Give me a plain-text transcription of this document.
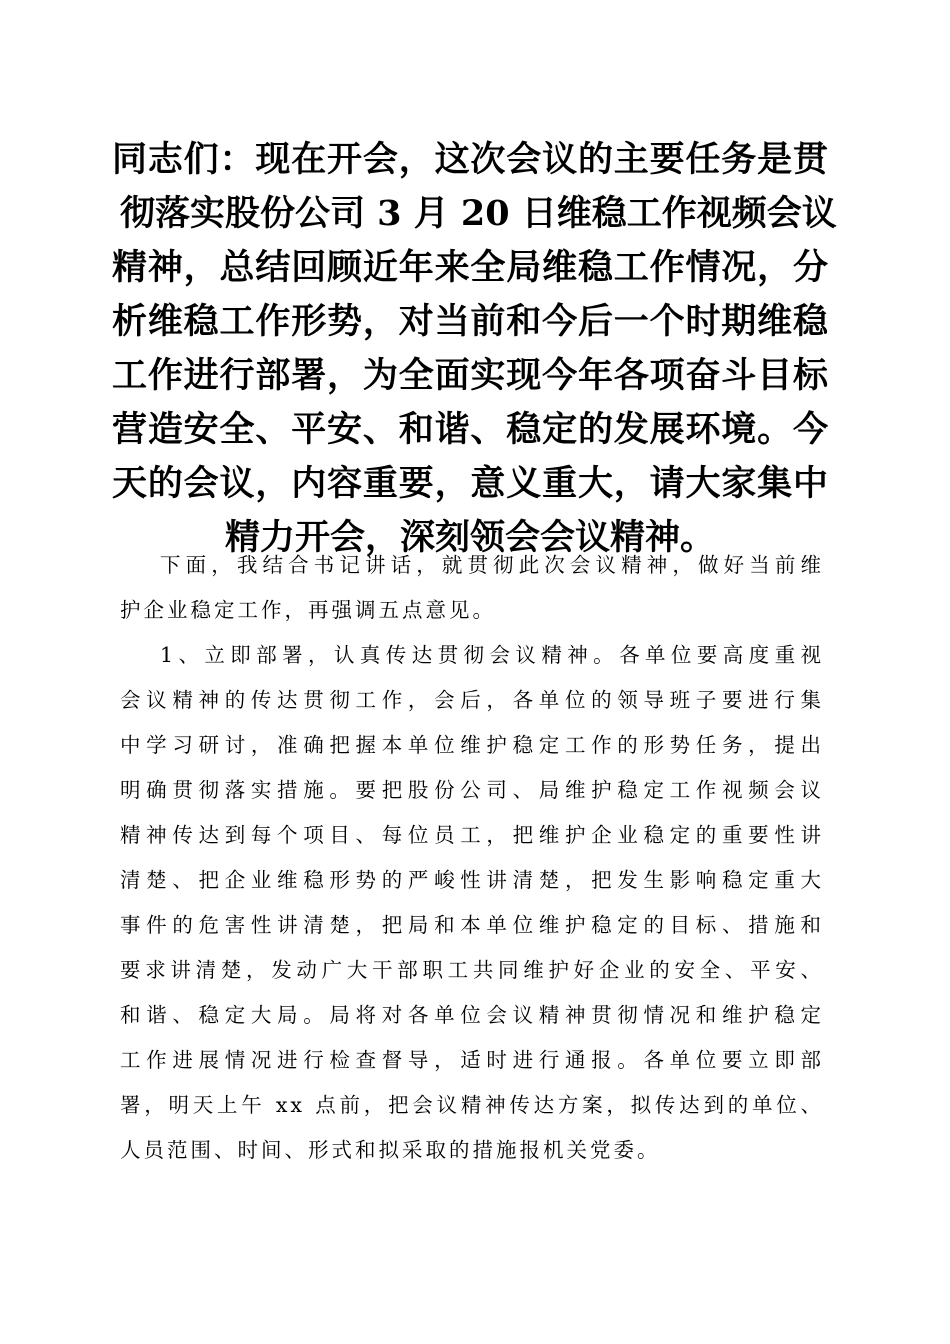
同志们：现在开会，这次会议的主要任务是贯
彻落实股份公司 3 月 20 日维稳工作视频会议
精神，总结回顾近年来全局维稳工作情况，分
析维稳工作形势，对当前和今后一个时期维稳
工作进行部署，为全面实现今年各项奋斗目标
营造安全、平安、和谐、稳定的发展环境。今
天的会议，内容重要，意义重大，请大家集中
精力开会，深刻领会会议精神。
下面，我结合书记讲话，就贯彻此次会议精神，做好当前维
护企业稳定工作，再强调五点意见。
1、立即部署，认真传达贯彻会议精神。各单位要高度重视
会议精神的传达贯彻工作，会后，各单位的领导班子要进行集
中学习研讨，准确把握本单位维护稳定工作的形势任务，提出
明确贯彻落实措施。要把股份公司、局维护稳定工作视频会议
精神传达到每个项目、每位员工，把维护企业稳定的重要性讲
清楚、把企业维稳形势的严峻性讲清楚，把发生影响稳定重大
事件的危害性讲清楚，把局和本单位维护稳定的目标、措施和
要求讲清楚，发动广大干部职工共同维护好企业的安全、平安、
和谐、稳定大局。局将对各单位会议精神贯彻情况和维护稳定
工作进展情况进行检查督导，适时进行通报。各单位要立即部
署，明天上午 xx 点前，把会议精神传达方案，拟传达到的单位、
人员范围、时间、形式和拟采取的措施报机关党委。
